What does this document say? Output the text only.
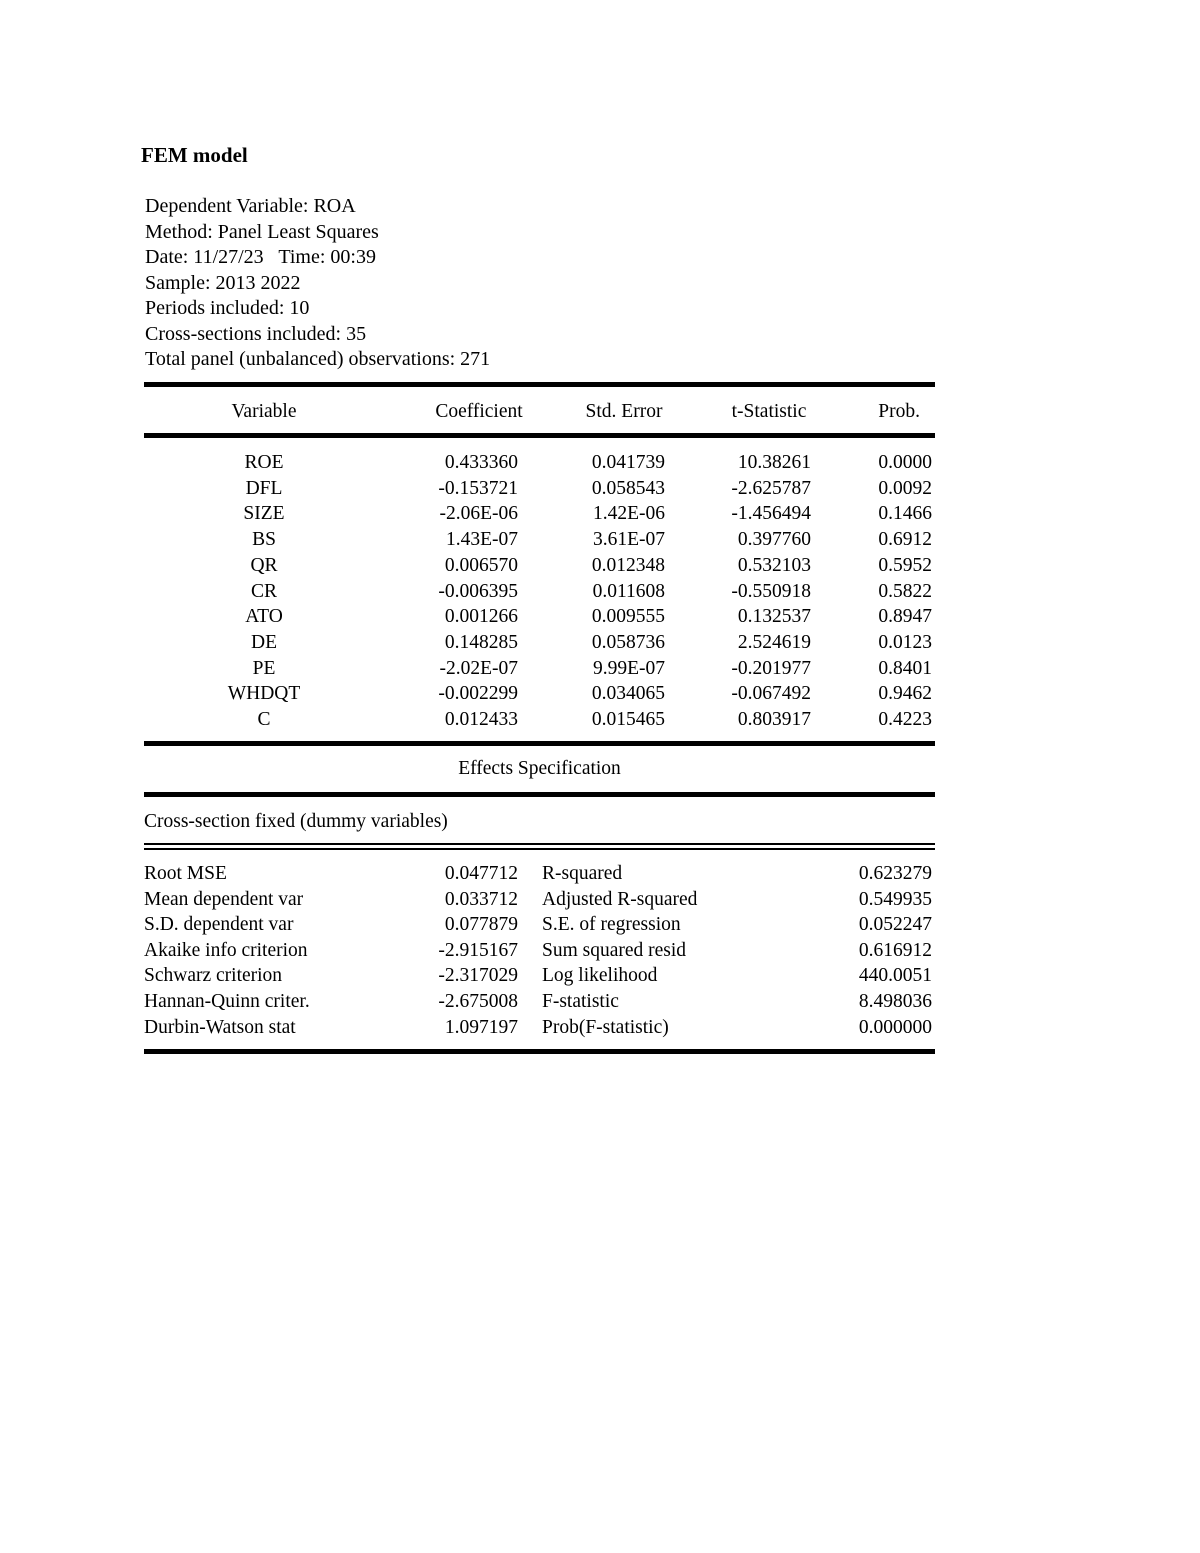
FEM model
Dependent Variable: ROA
Method: Panel Least Squares
Date: 11/27/23   Time: 00:39
Sample: 2013 2022
Periods included: 10
Cross-sections included: 35
Total panel (unbalanced) observations: 271
Variable	Coefficient	Std. Error	t-Statistic	Prob.
ROE	0.433360	0.041739	10.38261	0.0000
DFL	-0.153721	0.058543	-2.625787	0.0092
SIZE	-2.06E-06	1.42E-06	-1.456494	0.1466
BS	1.43E-07	3.61E-07	0.397760	0.6912
QR	0.006570	0.012348	0.532103	0.5952
CR	-0.006395	0.011608	-0.550918	0.5822
ATO	0.001266	0.009555	0.132537	0.8947
DE	0.148285	0.058736	2.524619	0.0123
PE	-2.02E-07	9.99E-07	-0.201977	0.8401
WHDQT	-0.002299	0.034065	-0.067492	0.9462
C	0.012433	0.015465	0.803917	0.4223
Effects Specification
Cross-section fixed (dummy variables)
Root MSE	0.047712 R-squared	0.623279
Mean dependent var	0.033712 Adjusted R-squared	0.549935
S.D. dependent var	0.077879 S.E. of regression	0.052247
Akaike info criterion	-2.915167 Sum squared resid	0.616912
Schwarz criterion	-2.317029 Log likelihood	440.0051
Hannan-Quinn criter.	-2.675008 F-statistic	8.498036
Durbin-Watson stat	1.097197 Prob(F-statistic)	0.000000
